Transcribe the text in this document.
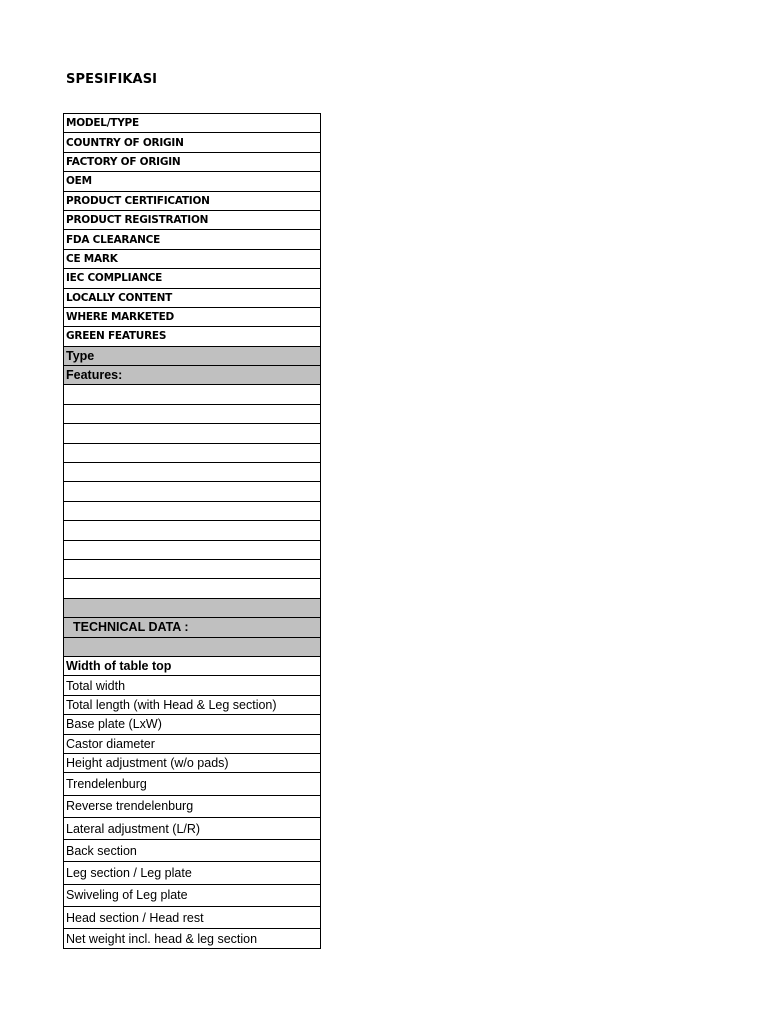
SPESIFIKASI
MODEL/TYPE
COUNTRY OF ORIGIN
FACTORY OF ORIGIN
OEM
PRODUCT CERTIFICATION
PRODUCT REGISTRATION
FDA CLEARANCE
CE MARK
IEC COMPLIANCE
LOCALLY CONTENT
WHERE MARKETED
GREEN FEATURES
Type
Features:

TECHNICAL DATA :

Width of table top
Total width
Total length (with Head & Leg section)
Base plate (LxW)
Castor diameter
Height adjustment (w/o pads)
Trendelenburg
Reverse trendelenburg
Lateral adjustment (L/R)
Back section
Leg section / Leg plate
Swiveling of Leg plate
Head section / Head rest
Net weight incl. head & leg section
